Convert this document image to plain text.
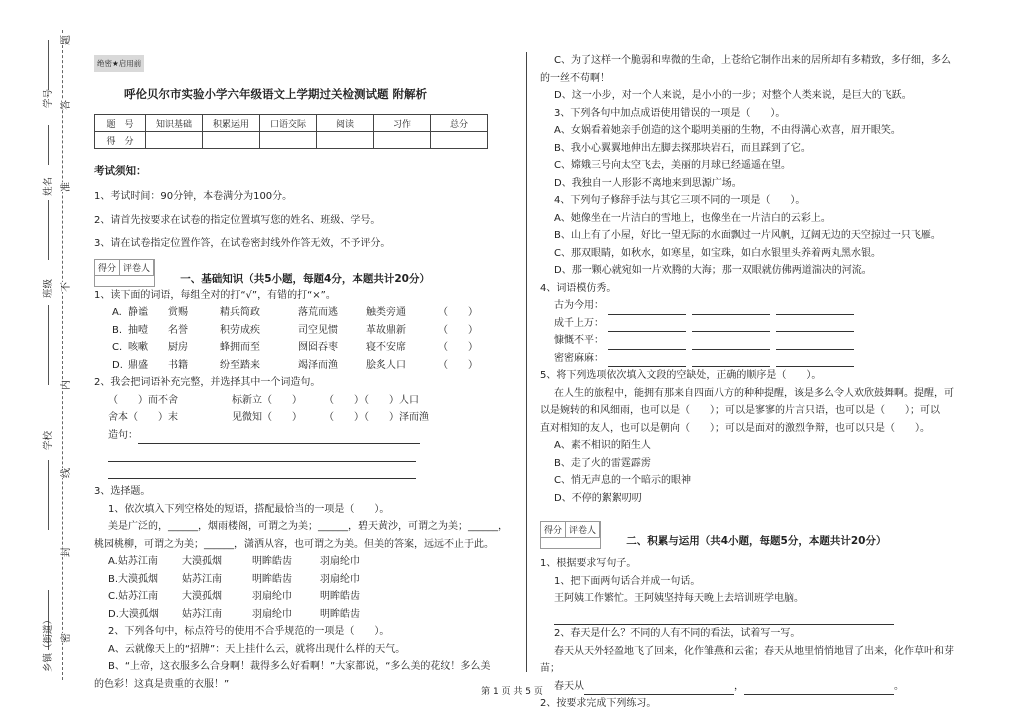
题
学号 答
姓名 准
班级 不
内
学校
线
封
乡镇（街道） 密
绝密★启用前
呼伦贝尔市实验小学六年级语文上学期过关检测试题 附解析
题　号	知识基础	积累运用	口语交际	阅读	习作	总分
得　分						
考试须知：
1、考试时间：90分钟，本卷满分为100分。
2、请首先按要求在试卷的指定位置填写您的姓名、班级、学号。
3、请在试卷指定位置作答，在试卷密封线外作答无效，不予评分。
得分 评卷人
一、基础知识（共5小题，每题4分，本题共计20分）
1、读下面的词语，每组全对的打“√”，有错的打“×”。
A. 静谧 赏赐	精兵简政	落荒而逃	触类旁通	（　　）
B. 抽噎 名誉	积劳成疾	司空见惯	革故鼎新	（　　）
C. 咳嗽 厨房	蜂拥而至	囫囵吞枣	寝不安席	（　　）
D. 鼎盛 书籍	纷至踏来	竭泽而渔	脍炙人口	（　　）
2、我会把词语补充完整，并选择其中一个词造句。
（　　）而不舍	标新立（　　） （　　）（　　）人口
舍本（　　）末	见微知（　　） （　　）（　　）泽而渔
造句：
3、选择题。
1、依次填入下列空格处的短语，搭配最恰当的一项是（　　）。
美是广泛的，______，烟雨楼阁，可谓之为美；______，碧天黄沙，可谓之为美；______，
桃园桃柳，可谓之为美；______，潇洒从容，也可谓之为美。但美的答案，远远不止于此。
A.姑苏江南 大漠孤烟	明眸皓齿	羽扇纶巾
B.大漠孤烟 姑苏江南	明眸皓齿	羽扇纶巾
C.姑苏江南 大漠孤烟	羽扇纶巾	明眸皓齿
D.大漠孤烟 姑苏江南	羽扇纶巾	明眸皓齿
2、下列各句中，标点符号的使用不合乎规范的一项是（　　）。
A、云就像天上的“招牌”：天上挂什么云，就将出现什么样的天气。
B、“上帝，这衣服多么合身啊！裁得多么好看啊！”大家都说，“多么美的花纹！多么美
的色彩！这真是贵重的衣服！”
C、为了这样一个脆弱和卑微的生命，上苍给它制作出来的居所却有多精致，多仔细，多么
的一丝不苟啊！
D、这一小步，对一个人来说，是小小的一步；对整个人类来说，是巨大的飞跃。
3、下列各句中加点成语使用错误的一项是（　　）。
A、女娲看着她亲手创造的这个聪明美丽的生物，不由得满心欢喜，眉开眼笑。
B、我小心翼翼地伸出左脚去探那块岩石，而且踩到了它。
C、嫦娥三号向太空飞去，美丽的月球已经遥遥在望。
D、我独自一人形影不离地来到思源广场。
4、下列句子修辞手法与其它三项不同的一项是（　　）。
A、她像坐在一片洁白的雪地上，也像坐在一片洁白的云彩上。
B、山上有了小屋，好比一望无际的水面飘过一片风帆，辽阔无边的天空掠过一只飞雁。
C、那双眼睛，如秋水，如寒星，如宝珠，如白水银里头养着两丸黑水银。
D、那一颗心就宛如一片欢腾的大海；那一双眼就仿佛两道湍决的河流。
4、词语模仿秀。
古为今用：
成千上万：
慷慨不平：
密密麻麻：
5、将下列选项依次填入文段的空缺处，正确的顺序是（　　）。
在人生的旅程中，能拥有那来自四面八方的种种提醒，该是多么令人欢欣鼓舞啊。提醒，可
以是婉转的和风细雨，也可以是（　　）；可以是寥寥的片言只语，也可以是（　　）；可以
直对相知的友人，也可以是朝向（　　）；可以是面对的激烈争辩，也可以只是（　　）。
A、素不相识的陌生人
B、走了火的雷霆霹雳
C、悄无声息的一个暗示的眼神
D、不停的絮絮叨叨
得分 评卷人
二、积累与运用（共4小题，每题5分，本题共计20分）
1、根据要求写句子。
1、把下面两句话合并成一句话。
王阿姨工作繁忙。王阿姨坚持每天晚上去培训班学电脑。
2、春天是什么？不同的人有不同的看法，试着写一写。
春天从天外轻盈地飞了回来，化作雏燕和云雀；春天从地里悄悄地冒了出来，化作草叶和芽
苗；
春天从	，	。
2、按要求完成下列练习。
第 1 页 共 5 页
